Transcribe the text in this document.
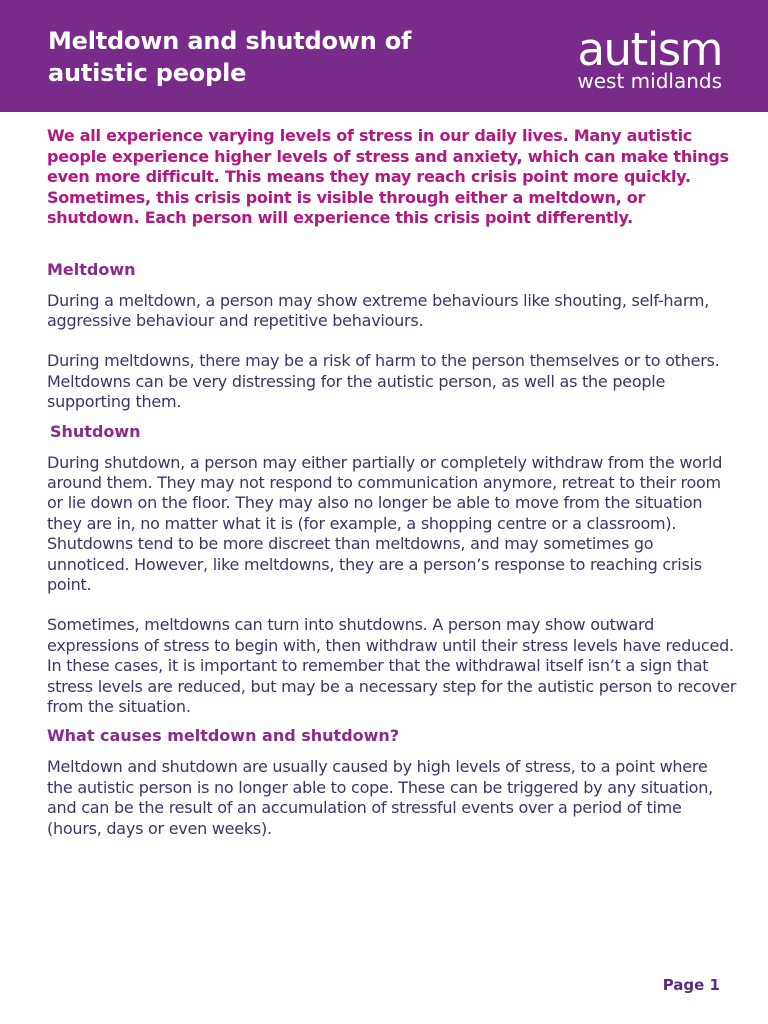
Meltdown and shutdown of
autistic people	autism
west midlands

We all experience varying levels of stress in our daily lives. Many autistic people experience higher levels of stress and anxiety, which can make things even more difficult. This means they may reach crisis point more quickly. Sometimes, this crisis point is visible through either a meltdown, or shutdown. Each person will experience this crisis point differently.

Meltdown

During a meltdown, a person may show extreme behaviours like shouting, self-harm, aggressive behaviour and repetitive behaviours.

During meltdowns, there may be a risk of harm to the person themselves or to others. Meltdowns can be very distressing for the autistic person, as well as the people supporting them.

Shutdown

During shutdown, a person may either partially or completely withdraw from the world around them. They may not respond to communication anymore, retreat to their room or lie down on the floor. They may also no longer be able to move from the situation they are in, no matter what it is (for example, a shopping centre or a classroom). Shutdowns tend to be more discreet than meltdowns, and may sometimes go unnoticed. However, like meltdowns, they are a person’s response to reaching crisis point.

Sometimes, meltdowns can turn into shutdowns. A person may show outward expressions of stress to begin with, then withdraw until their stress levels have reduced. In these cases, it is important to remember that the withdrawal itself isn’t a sign that stress levels are reduced, but may be a necessary step for the autistic person to recover from the situation.

What causes meltdown and shutdown?

Meltdown and shutdown are usually caused by high levels of stress, to a point where the autistic person is no longer able to cope. These can be triggered by any situation, and can be the result of an accumulation of stressful events over a period of time (hours, days or even weeks).

Page 1
